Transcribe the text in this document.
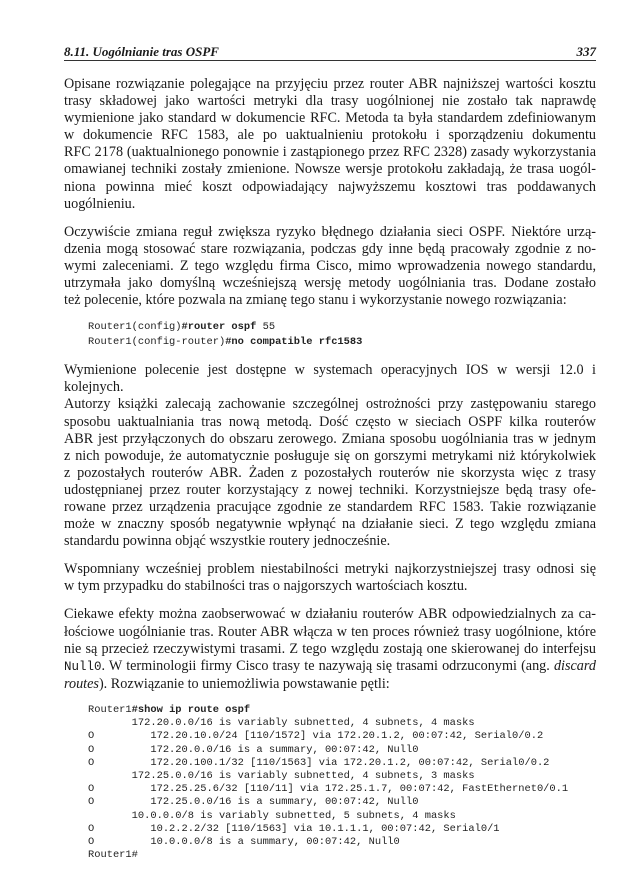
8.11. Uogólnianie tras OSPF	337
Opisane rozwiązanie polegające na przyjęciu przez router ABR najniższej wartości kosztu
trasy składowej jako wartości metryki dla trasy uogólnionej nie zostało tak naprawdę
wymienione jako standard w dokumencie RFC. Metoda ta była standardem zdefiniowanym
w dokumencie RFC 1583, ale po uaktualnieniu protokołu i sporządzeniu dokumentu
RFC 2178 (uaktualnionego ponownie i zastąpionego przez RFC 2328) zasady wykorzystania
omawianej techniki zostały zmienione. Nowsze wersje protokołu zakładają, że trasa uogól-
niona powinna mieć koszt odpowiadający najwyższemu kosztowi tras poddawanych
uogólnieniu.
Oczywiście zmiana reguł zwiększa ryzyko błędnego działania sieci OSPF. Niektóre urzą-
dzenia mogą stosować stare rozwiązania, podczas gdy inne będą pracowały zgodnie z no-
wymi zaleceniami. Z tego względu firma Cisco, mimo wprowadzenia nowego standardu,
utrzymała jako domyślną wcześniejszą wersję metody uogólniania tras. Dodane zostało
też polecenie, które pozwala na zmianę tego stanu i wykorzystanie nowego rozwiązania:
Router1(config)#router ospf 55
Router1(config-router)#no compatible rfc1583
Wymienione polecenie jest dostępne w systemach operacyjnych IOS w wersji 12.0 i kolejnych.
Autorzy książki zalecają zachowanie szczególnej ostrożności przy zastępowaniu starego
sposobu uaktualniania tras nową metodą. Dość często w sieciach OSPF kilka routerów
ABR jest przyłączonych do obszaru zerowego. Zmiana sposobu uogólniania tras w jednym
z nich powoduje, że automatycznie posługuje się on gorszymi metrykami niż którykolwiek
z pozostałych routerów ABR. Żaden z pozostałych routerów nie skorzysta więc z trasy
udostępnianej przez router korzystający z nowej techniki. Korzystniejsze będą trasy ofe-
rowane przez urządzenia pracujące zgodnie ze standardem RFC 1583. Takie rozwiązanie
może w znaczny sposób negatywnie wpłynąć na działanie sieci. Z tego względu zmiana
standardu powinna objąć wszystkie routery jednocześnie.
Wspomniany wcześniej problem niestabilności metryki najkorzystniejszej trasy odnosi się
w tym przypadku do stabilności tras o najgorszych wartościach kosztu.
Ciekawe efekty można zaobserwować w działaniu routerów ABR odpowiedzialnych za ca-
łościowe uogólnianie tras. Router ABR włącza w ten proces również trasy uogólnione, które
nie są przecież rzeczywistymi trasami. Z tego względu zostają one skierowanej do interfejsu
Null0. W terminologii firmy Cisco trasy te nazywają się trasami odrzuconymi (ang. discard
routes). Rozwiązanie to uniemożliwia powstawanie pętli:
Router1#show ip route ospf
172.20.0.0/16 is variably subnetted, 4 subnets, 4 masks
O         172.20.10.0/24 [110/1572] via 172.20.1.2, 00:07:42, Serial0/0.2
O         172.20.0.0/16 is a summary, 00:07:42, Null0
O         172.20.100.1/32 [110/1563] via 172.20.1.2, 00:07:42, Serial0/0.2
172.25.0.0/16 is variably subnetted, 4 subnets, 3 masks
O         172.25.25.6/32 [110/11] via 172.25.1.7, 00:07:42, FastEthernet0/0.1
O         172.25.0.0/16 is a summary, 00:07:42, Null0
10.0.0.0/8 is variably subnetted, 5 subnets, 4 masks
O         10.2.2.2/32 [110/1563] via 10.1.1.1, 00:07:42, Serial0/1
O         10.0.0.0/8 is a summary, 00:07:42, Null0
Router1#
